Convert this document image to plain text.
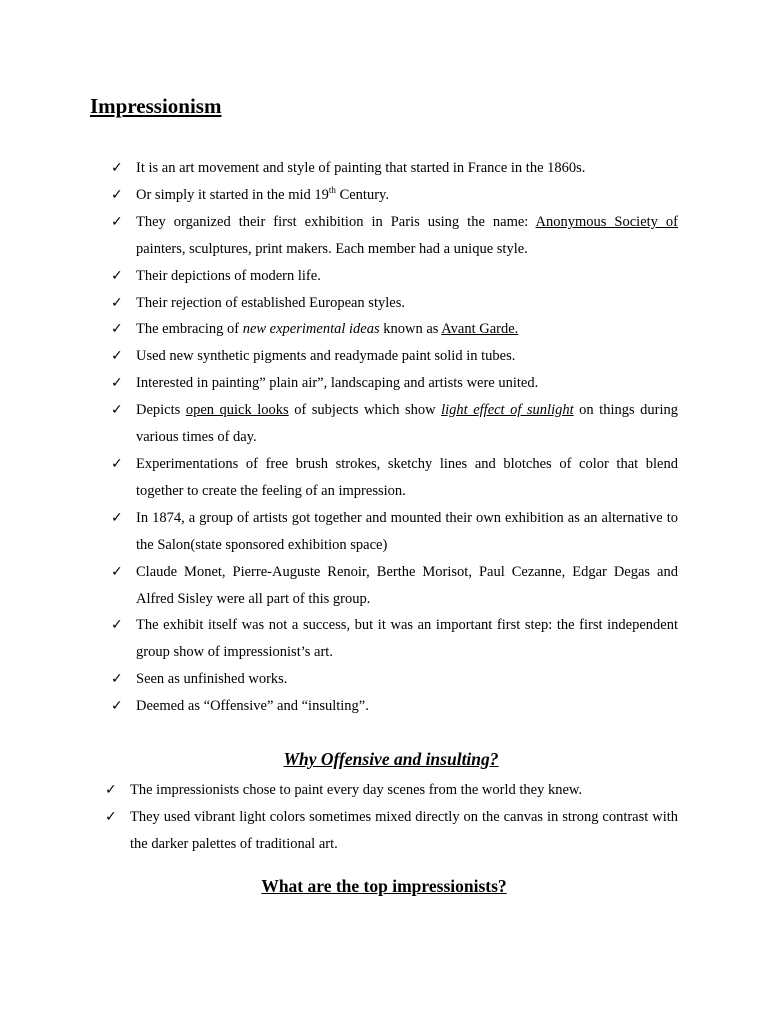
Impressionism
✓ It is an art movement and style of painting that started in France in the 1860s.
✓ Or simply it started in the mid 19th Century.
✓ They organized their first exhibition in Paris using the name: Anonymous Society of painters, sculptures, print makers. Each member had a unique style.
✓ Their depictions of modern life.
✓ Their rejection of established European styles.
✓ The embracing of new experimental ideas known as Avant Garde.
✓ Used new synthetic pigments and readymade paint solid in tubes.
✓ Interested in painting” plain air”, landscaping and artists were united.
✓ Depicts open quick looks of subjects which show light effect of sunlight on things during various times of day.
✓ Experimentations of free brush strokes, sketchy lines and blotches of color that blend together to create the feeling of an impression.
✓ In 1874, a group of artists got together and mounted their own exhibition as an alternative to the Salon(state sponsored exhibition space)
✓ Claude Monet, Pierre-Auguste Renoir, Berthe Morisot, Paul Cezanne, Edgar Degas and Alfred Sisley were all part of this group.
✓ The exhibit itself was not a success, but it was an important first step: the first independent group show of impressionist’s art.
✓ Seen as unfinished works.
✓ Deemed as “Offensive” and “insulting”.
Why Offensive and insulting?
✓ The impressionists chose to paint every day scenes from the world they knew.
✓ They used vibrant light colors sometimes mixed directly on the canvas in strong contrast with the darker palettes of traditional art.
What are the top impressionists?
